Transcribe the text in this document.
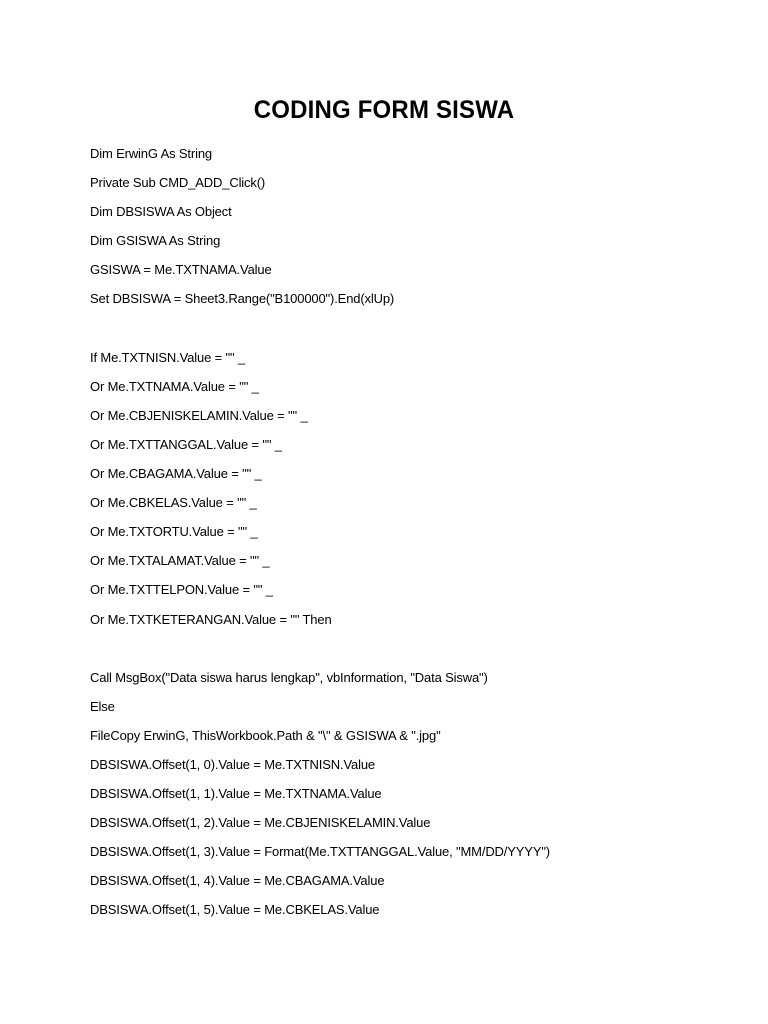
CODING FORM SISWA
Dim ErwinG As String
Private Sub CMD_ADD_Click()
Dim DBSISWA As Object
Dim GSISWA As String
GSISWA = Me.TXTNAMA.Value
Set DBSISWA = Sheet3.Range("B100000").End(xlUp)
If Me.TXTNISN.Value = "" _
Or Me.TXTNAMA.Value = "" _
Or Me.CBJENISKELAMIN.Value = "" _
Or Me.TXTTANGGAL.Value = "" _
Or Me.CBAGAMA.Value = "" _
Or Me.CBKELAS.Value = "" _
Or Me.TXTORTU.Value = "" _
Or Me.TXTALAMAT.Value = "" _
Or Me.TXTTELPON.Value = "" _
Or Me.TXTKETERANGAN.Value = "" Then
Call MsgBox("Data siswa harus lengkap", vbInformation, "Data Siswa")
Else
FileCopy ErwinG, ThisWorkbook.Path & "\" & GSISWA & ".jpg"
DBSISWA.Offset(1, 0).Value = Me.TXTNISN.Value
DBSISWA.Offset(1, 1).Value = Me.TXTNAMA.Value
DBSISWA.Offset(1, 2).Value = Me.CBJENISKELAMIN.Value
DBSISWA.Offset(1, 3).Value = Format(Me.TXTTANGGAL.Value, "MM/DD/YYYY")
DBSISWA.Offset(1, 4).Value = Me.CBAGAMA.Value
DBSISWA.Offset(1, 5).Value = Me.CBKELAS.Value
